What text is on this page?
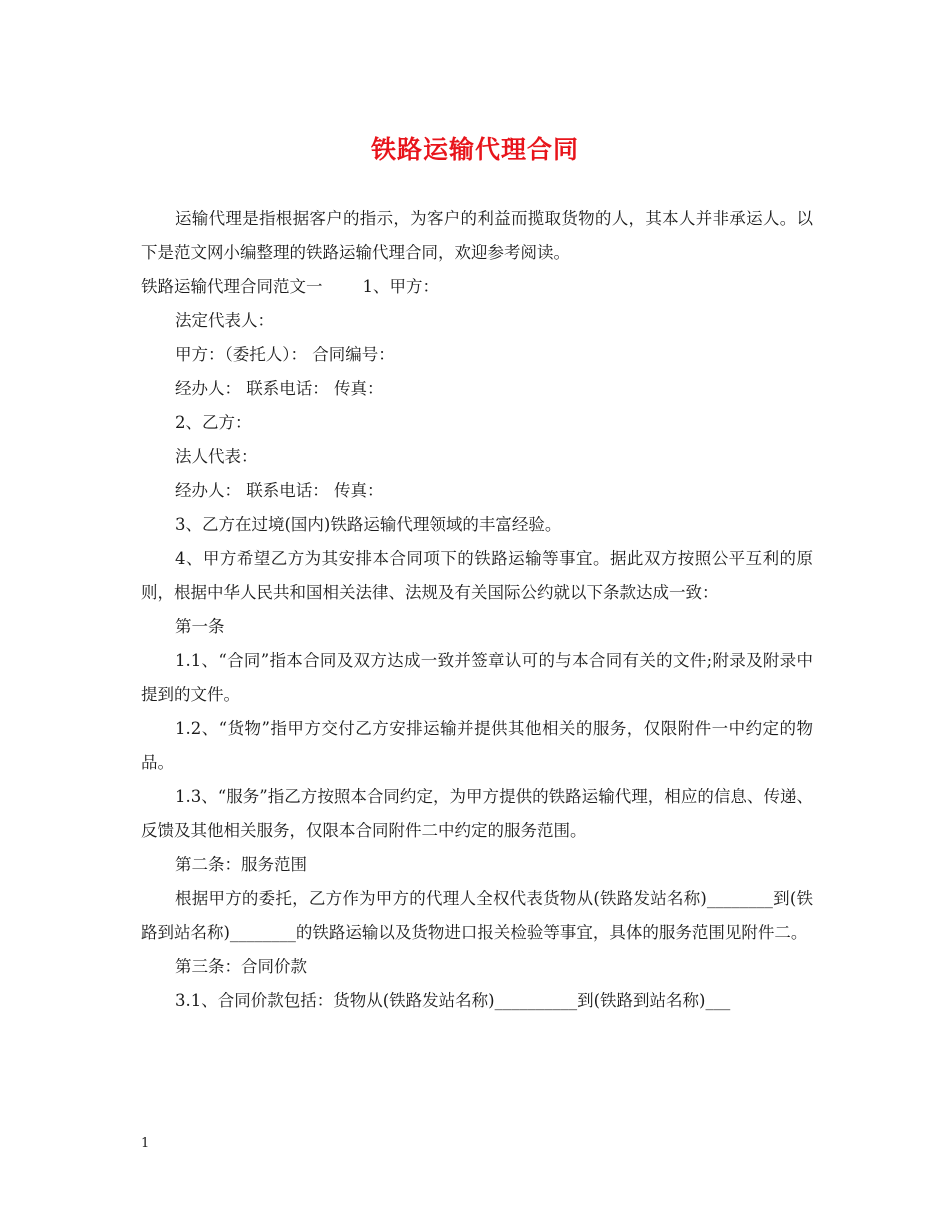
铁路运输代理合同

运输代理是指根据客户的指示，为客户的利益而揽取货物的人，其本人并非承运人。以下是范文网小编整理的铁路运输代理合同，欢迎参考阅读。

铁路运输代理合同范文一 1、甲方：

法定代表人：

甲方：（委托人）： 合同编号：

经办人： 联系电话： 传真：

2、乙方：

法人代表：

经办人： 联系电话： 传真：

3、乙方在过境(国内)铁路运输代理领域的丰富经验。

4、甲方希望乙方为其安排本合同项下的铁路运输等事宜。据此双方按照公平互利的原则，根据中华人民共和国相关法律、法规及有关国际公约就以下条款达成一致：

第一条

1.1、“合同”指本合同及双方达成一致并签章认可的与本合同有关的文件;附录及附录中提到的文件。

1.2、“货物”指甲方交付乙方安排运输并提供其他相关的服务，仅限附件一中约定的物品。

1.3、“服务”指乙方按照本合同约定，为甲方提供的铁路运输代理，相应的信息、传递、反馈及其他相关服务，仅限本合同附件二中约定的服务范围。

第二条：服务范围

根据甲方的委托，乙方作为甲方的代理人全权代表货物从(铁路发站名称)________到(铁路到站名称)________的铁路运输以及货物进口报关检验等事宜，具体的服务范围见附件二。

第三条：合同价款

3.1、合同价款包括：货物从(铁路发站名称)__________到(铁路到站名称)___

1
